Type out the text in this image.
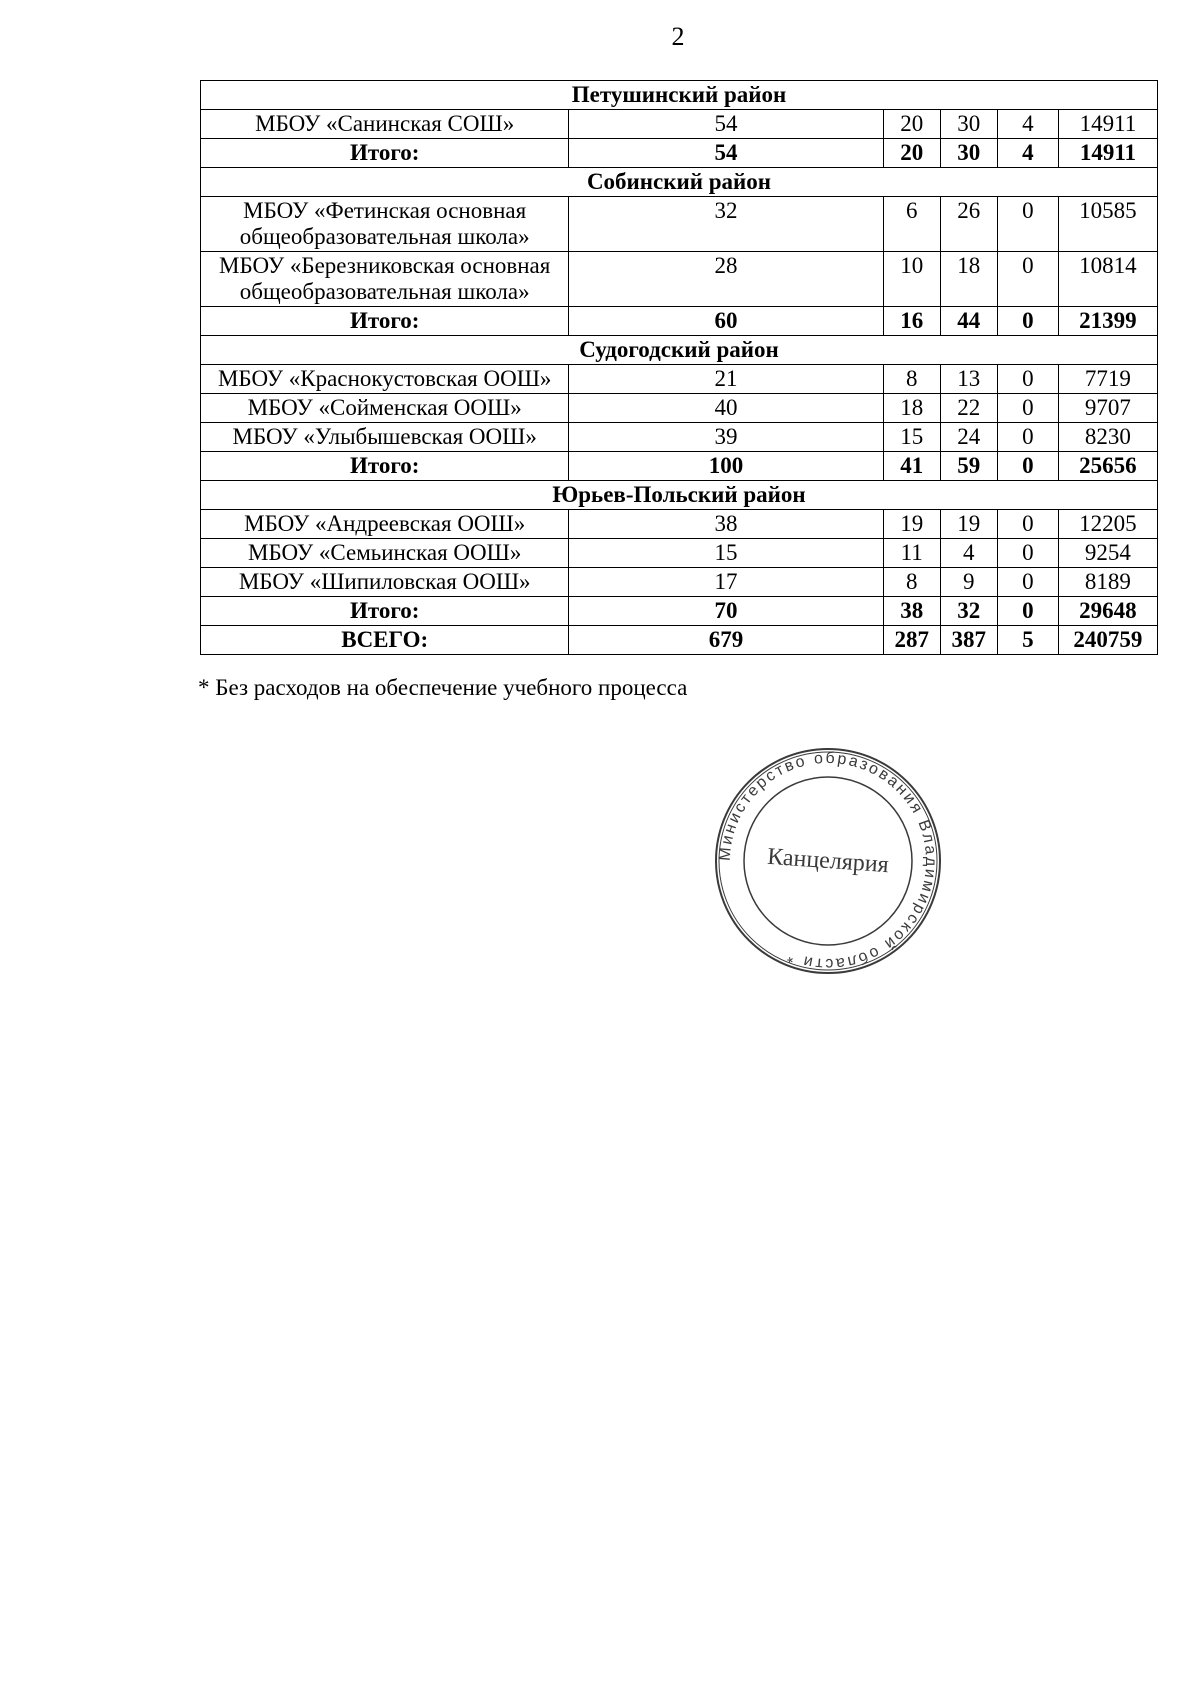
2
Петушинский район					
МБОУ «Санинская СОШ»	54	20	30	4	14911
Итого:	54	20	30	4	14911
Собинский район					
МБОУ «Фетинская основная общеобразовательная школа»	32	6	26	0	10585
МБОУ «Березниковская основная общеобразовательная школа»	28	10	18	0	10814
Итого:	60	16	44	0	21399
Судогодский район					
МБОУ «Краснокустовская ООШ»	21	8	13	0	7719
МБОУ «Сойменская ООШ»	40	18	22	0	9707
МБОУ «Улыбышевская ООШ»	39	15	24	0	8230
Итого:	100	41	59	0	25656
Юрьев-Польский район					
МБОУ «Андреевская ООШ»	38	19	19	0	12205
МБОУ «Семьинская ООШ»	15	11	4	0	9254
МБОУ «Шипиловская ООШ»	17	8	9	0	8189
Итого:	70	38	32	0	29648
ВСЕГО:	679	287	387	5	240759
* Без расходов на обеспечение учебного процесса
Министерство образования Владимирской области *
Канцелярия
